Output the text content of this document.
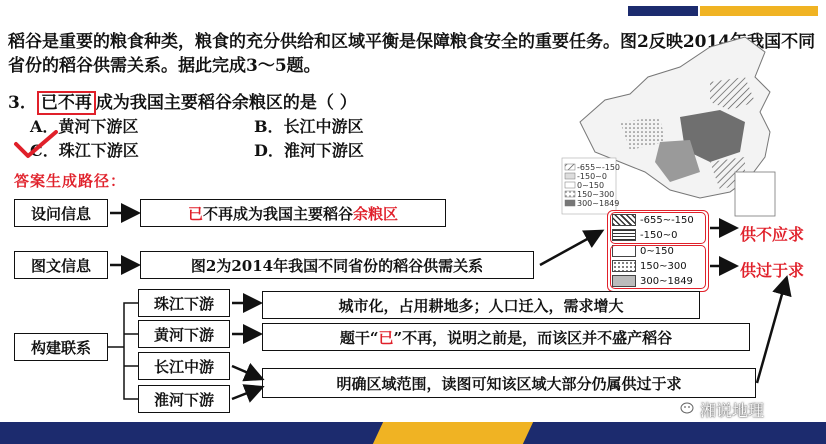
稻谷是重要的粮食种类，粮食的充分供给和区域平衡是保障粮食安全的重要任务。图2反映2014年我国不同省份的稻谷供需关系。据此完成3～5题。
3． 已不再 成为我国主要稻谷余粮区的是（ ）
A．黄河下游区	B．长江中游区
C．珠江下游区	D．淮河下游区
答案生成路径：
-655~-150
-150~0
0~150
150~300
300~1849
-655~-150
-150~0
0~150
150~300
300~1849
供不应求
供过于求
设问信息	已 不再成为我国主要稻谷 余粮区
图文信息	图2为2014年我国不同省份的稻谷供需关系
构建联系
珠江下游
黄河下游
长江中游
淮河下游
城市化，占用耕地多；人口迁入，需求增大
题干“ 已 ”不再，说明之前是，而该区并不盛产稻谷
明确区域范围，读图可知该区域大部分仍属供过于求
湘说地理
